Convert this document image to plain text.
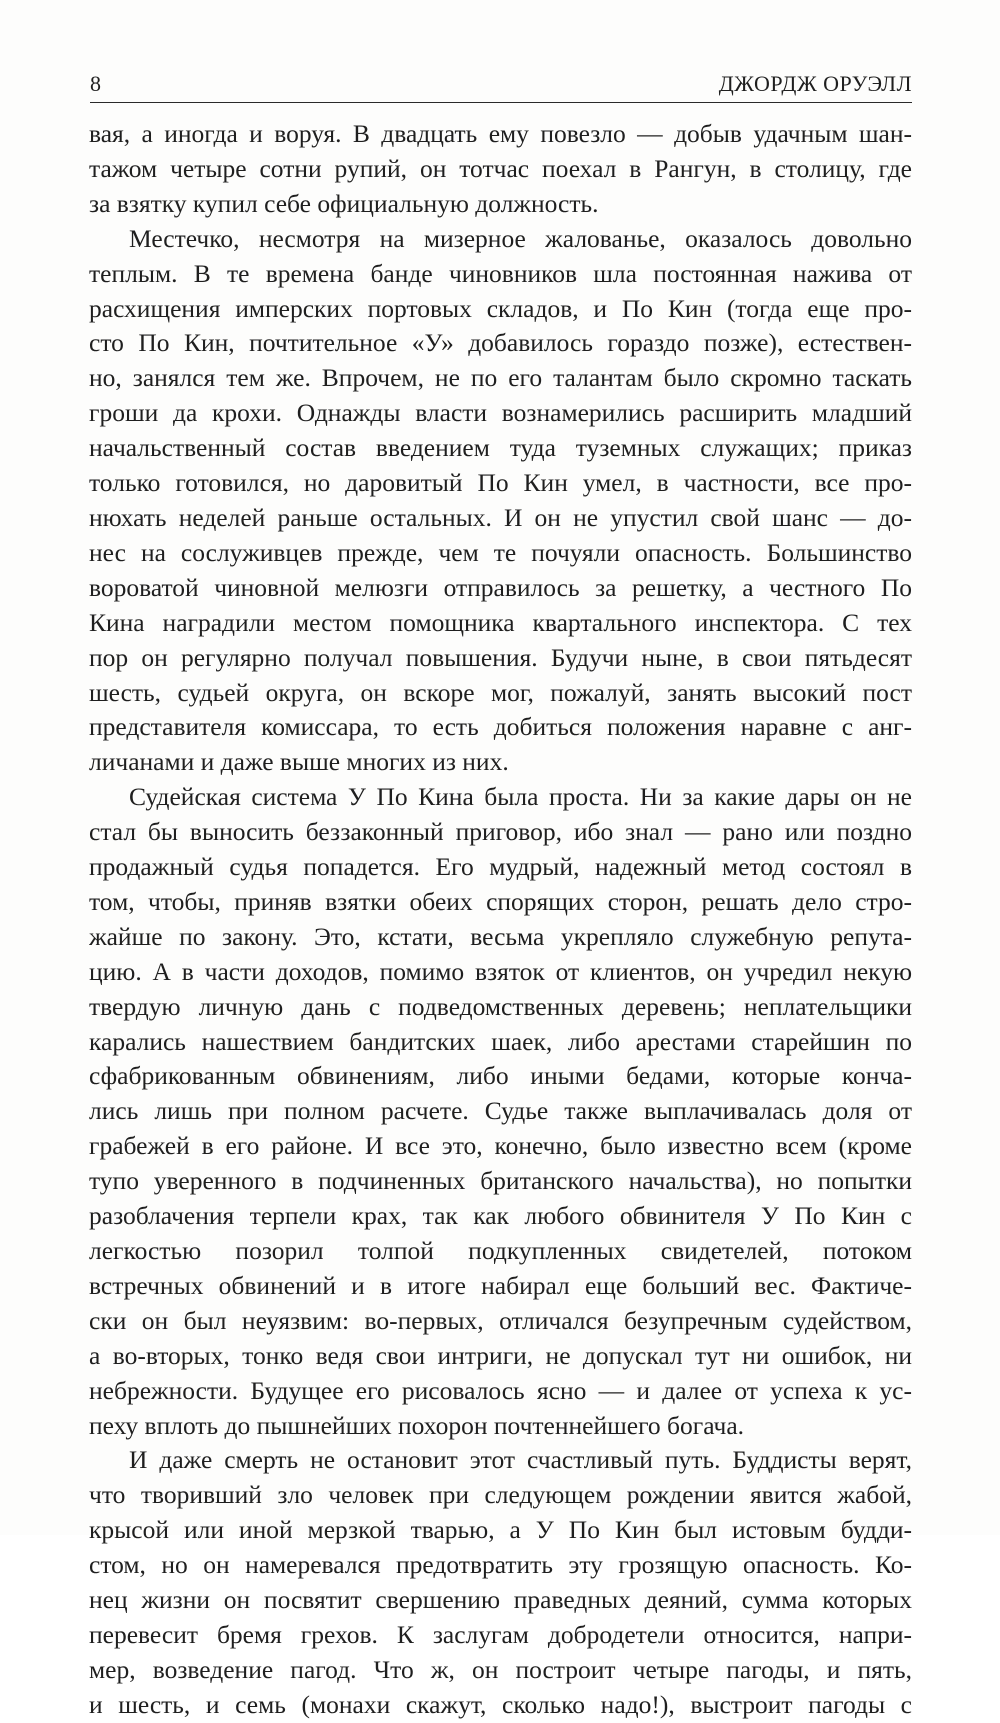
8	ДЖОРДЖ ОРУЭЛЛ
вая, а иногда и воруя. В двадцать ему повезло — добыв удачным шан-
тажом четыре сотни рупий, он тотчас поехал в Рангун, в столицу, где
за взятку купил себе официальную должность.
Местечко, несмотря на мизерное жалованье, оказалось довольно
теплым. В те времена банде чиновников шла постоянная нажива от
расхищения имперских портовых складов, и По Кин (тогда еще про-
сто По Кин, почтительное «У» добавилось гораздо позже), естествен-
но, занялся тем же. Впрочем, не по его талантам было скромно таскать
гроши да крохи. Однажды власти вознамерились расширить младший
начальственный состав введением туда туземных служащих; приказ
только готовился, но даровитый По Кин умел, в частности, все про-
нюхать неделей раньше остальных. И он не упустил свой шанс — до-
нес на сослуживцев прежде, чем те почуяли опасность. Большинство
вороватой чиновной мелюзги отправилось за решетку, а честного По
Кина наградили местом помощника квартального инспектора. С тех
пор он регулярно получал повышения. Будучи ныне, в свои пятьдесят
шесть, судьей округа, он вскоре мог, пожалуй, занять высокий пост
представителя комиссара, то есть добиться положения наравне с анг-
личанами и даже выше многих из них.
Судейская система У По Кина была проста. Ни за какие дары он не
стал бы выносить беззаконный приговор, ибо знал — рано или поздно
продажный судья попадется. Его мудрый, надежный метод состоял в
том, чтобы, приняв взятки обеих спорящих сторон, решать дело стро-
жайше по закону. Это, кстати, весьма укрепляло служебную репута-
цию. А в части доходов, помимо взяток от клиентов, он учредил некую
твердую личную дань с подведомственных деревень; неплательщики
карались нашествием бандитских шаек, либо арестами старейшин по
сфабрикованным обвинениям, либо иными бедами, которые конча-
лись лишь при полном расчете. Судье также выплачивалась доля от
грабежей в его районе. И все это, конечно, было известно всем (кроме
тупо уверенного в подчиненных британского начальства), но попытки
разоблачения терпели крах, так как любого обвинителя У По Кин с
легкостью позорил толпой подкупленных свидетелей, потоком
встречных обвинений и в итоге набирал еще больший вес. Фактиче-
ски он был неуязвим: во-первых, отличался безупречным судейством,
а во-вторых, тонко ведя свои интриги, не допускал тут ни ошибок, ни
небрежности. Будущее его рисовалось ясно — и далее от успеха к ус-
пеху вплоть до пышнейших похорон почтеннейшего богача.
И даже смерть не остановит этот счастливый путь. Буддисты верят,
что творивший зло человек при следующем рождении явится жабой,
крысой или иной мерзкой тварью, а У По Кин был истовым будди-
стом, но он намеревался предотвратить эту грозящую опасность. Ко-
нец жизни он посвятит свершению праведных деяний, сумма которых
перевесит бремя грехов. К заслугам добродетели относится, напри-
мер, возведение пагод. Что ж, он построит четыре пагоды, и пять,
и шесть, и семь (монахи скажут, сколько надо!), выстроит пагоды с
